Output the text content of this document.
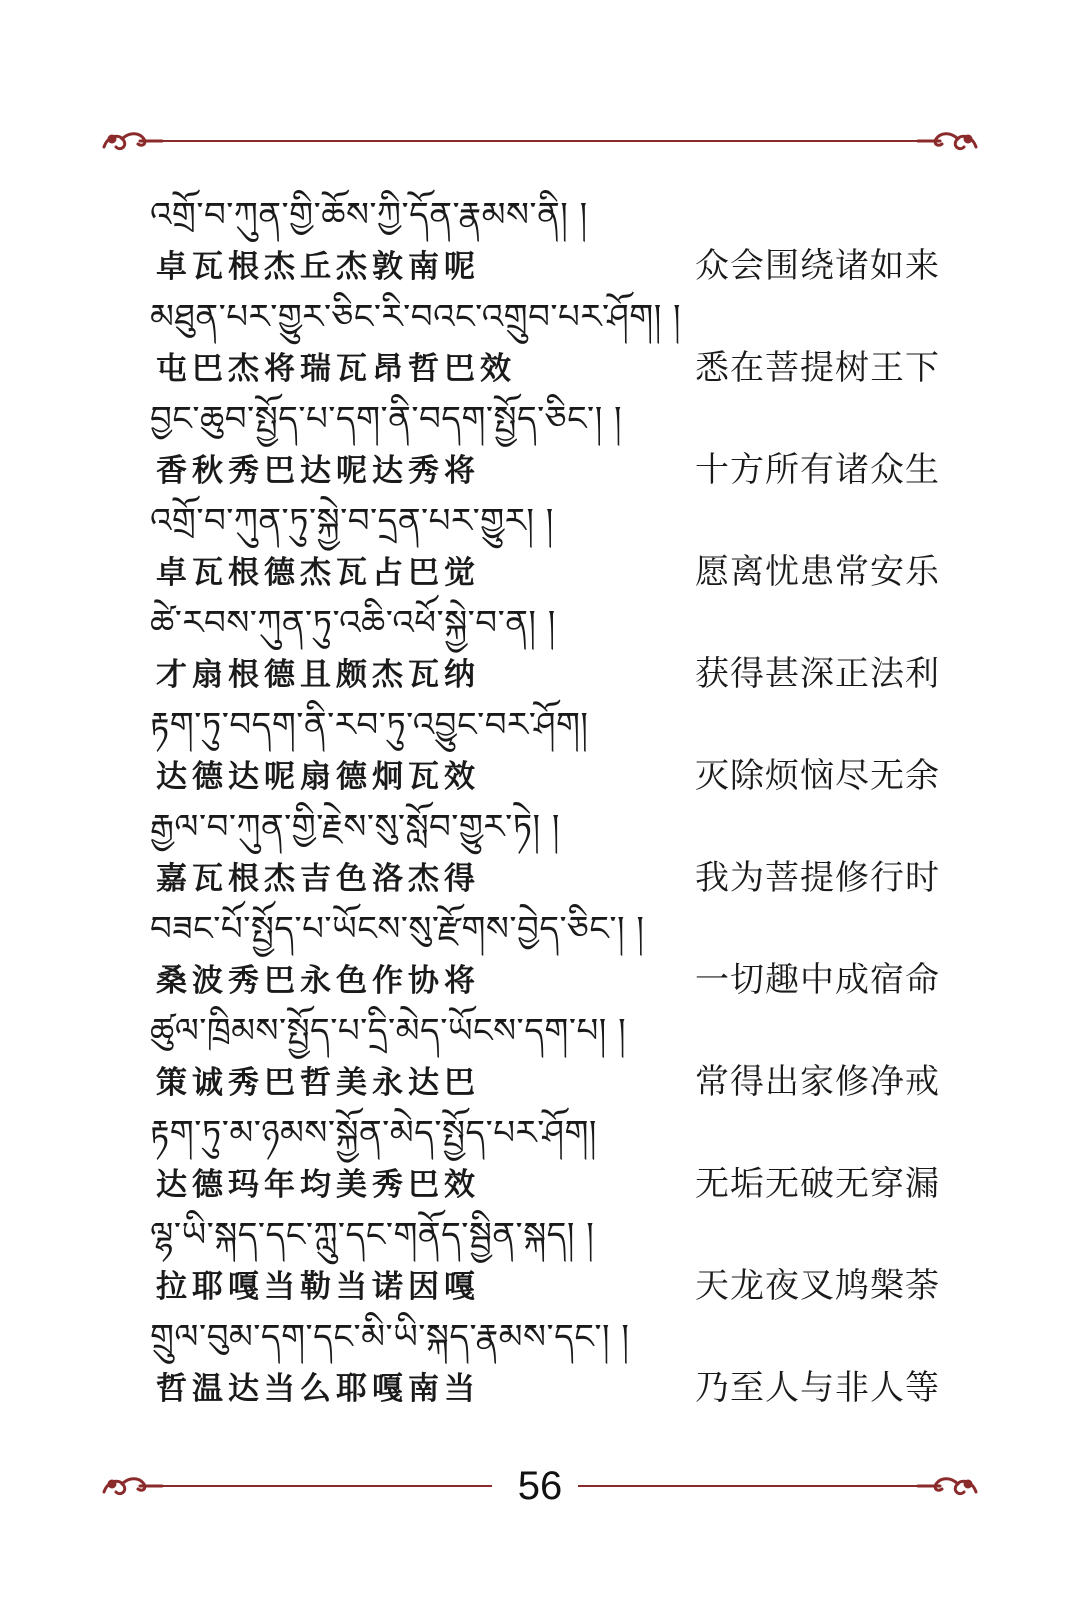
འགྲོ་བ་ཀུན་གྱི་ཆོས་ཀྱི་དོན་རྣམས་ནི། །
卓瓦根杰丘杰敦南呢	众会围绕诸如来
མཐུན་པར་གྱུར་ཅིང་རི་བའང་འགྲུབ་པར་ཤོག། །
屯巴杰将瑞瓦昂哲巴效	悉在菩提树王下
བྱང་ཆུབ་སྤྱོད་པ་དག་ནི་བདག་སྤྱོད་ཅིང་། །
香秋秀巴达呢达秀将	十方所有诸众生
འགྲོ་བ་ཀུན་ཏུ་སྐྱེ་བ་དྲན་པར་གྱུར། །
卓瓦根德杰瓦占巴觉	愿离忧患常安乐
ཚེ་རབས་ཀུན་ཏུ་འཆི་འཕོ་སྐྱེ་བ་ན། །
才扇根德且颇杰瓦纳	获得甚深正法利
རྟག་ཏུ་བདག་ནི་རབ་ཏུ་འབྱུང་བར་ཤོག།
达德达呢扇德炯瓦效	灭除烦恼尽无余
རྒྱལ་བ་ཀུན་གྱི་རྗེས་སུ་སློབ་གྱུར་ཏེ། །
嘉瓦根杰吉色洛杰得	我为菩提修行时
བཟང་པོ་སྤྱོད་པ་ཡོངས་སུ་རྫོགས་བྱེད་ཅིང་། །
桑波秀巴永色作协将	一切趣中成宿命
ཚུལ་ཁྲིམས་སྤྱོད་པ་དྲི་མེད་ཡོངས་དག་པ། །
策诚秀巴哲美永达巴	常得出家修净戒
རྟག་ཏུ་མ་ཉམས་སྐྱོན་མེད་སྤྱོད་པར་ཤོག།
达德玛年均美秀巴效	无垢无破无穿漏
ལྷ་ཡི་སྐད་དང་ཀླུ་དང་གནོད་སྦྱིན་སྐད། །
拉耶嘎当勒当诺因嘎	天龙夜叉鸠槃荼
གྲུལ་བུམ་དག་དང་མི་ཡི་སྐད་རྣམས་དང་། །
哲温达当么耶嘎南当	乃至人与非人等
56
